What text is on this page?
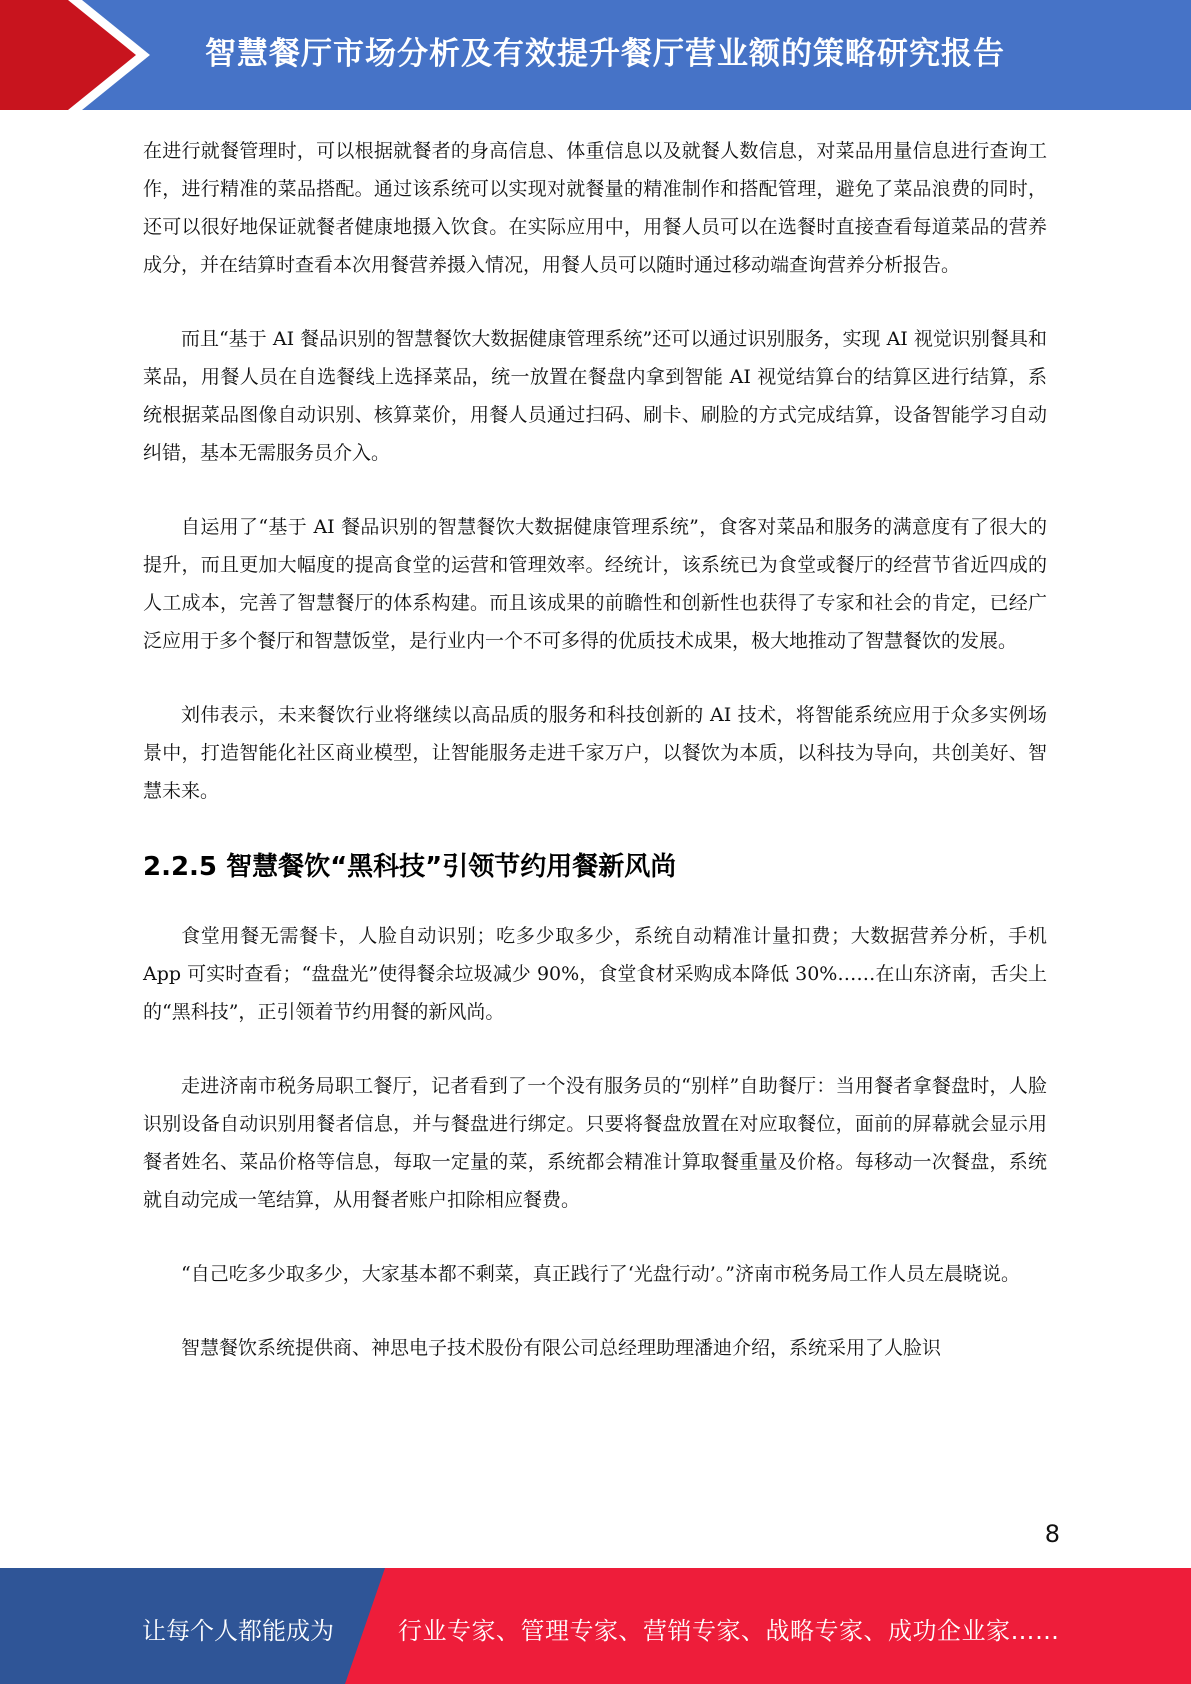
智慧餐厅市场分析及有效提升餐厅营业额的策略研究报告

在进行就餐管理时，可以根据就餐者的身高信息、体重信息以及就餐人数信息，对菜品用量信息进行查询工作，进行精准的菜品搭配。通过该系统可以实现对就餐量的精准制作和搭配管理，避免了菜品浪费的同时，还可以很好地保证就餐者健康地摄入饮食。在实际应用中，用餐人员可以在选餐时直接查看每道菜品的营养成分，并在结算时查看本次用餐营养摄入情况，用餐人员可以随时通过移动端查询营养分析报告。

而且“基于 AI 餐品识别的智慧餐饮大数据健康管理系统”还可以通过识别服务，实现 AI 视觉识别餐具和菜品，用餐人员在自选餐线上选择菜品，统一放置在餐盘内拿到智能 AI 视觉结算台的结算区进行结算，系统根据菜品图像自动识别、核算菜价，用餐人员通过扫码、刷卡、刷脸的方式完成结算，设备智能学习自动纠错，基本无需服务员介入。

自运用了“基于 AI 餐品识别的智慧餐饮大数据健康管理系统”，食客对菜品和服务的满意度有了很大的提升，而且更加大幅度的提高食堂的运营和管理效率。经统计，该系统已为食堂或餐厅的经营节省近四成的人工成本，完善了智慧餐厅的体系构建。而且该成果的前瞻性和创新性也获得了专家和社会的肯定，已经广泛应用于多个餐厅和智慧饭堂，是行业内一个不可多得的优质技术成果，极大地推动了智慧餐饮的发展。

刘伟表示，未来餐饮行业将继续以高品质的服务和科技创新的 AI 技术，将智能系统应用于众多实例场景中，打造智能化社区商业模型，让智能服务走进千家万户，以餐饮为本质，以科技为导向，共创美好、智慧未来。

2.2.5 智慧餐饮“黑科技”引领节约用餐新风尚

食堂用餐无需餐卡，人脸自动识别；吃多少取多少，系统自动精准计量扣费；大数据营养分析，手机 App 可实时查看；“盘盘光”使得餐余垃圾减少 90%，食堂食材采购成本降低 30%……在山东济南，舌尖上的“黑科技”，正引领着节约用餐的新风尚。

走进济南市税务局职工餐厅，记者看到了一个没有服务员的“别样”自助餐厅：当用餐者拿餐盘时，人脸识别设备自动识别用餐者信息，并与餐盘进行绑定。只要将餐盘放置在对应取餐位，面前的屏幕就会显示用餐者姓名、菜品价格等信息，每取一定量的菜，系统都会精准计算取餐重量及价格。每移动一次餐盘，系统就自动完成一笔结算，从用餐者账户扣除相应餐费。

“自己吃多少取多少，大家基本都不剩菜，真正践行了‘光盘行动’。”济南市税务局工作人员左晨晓说。

智慧餐饮系统提供商、神思电子技术股份有限公司总经理助理潘迪介绍，系统采用了人脸识

8
让每个人都能成为	行业专家、管理专家、营销专家、战略专家、成功企业家……
